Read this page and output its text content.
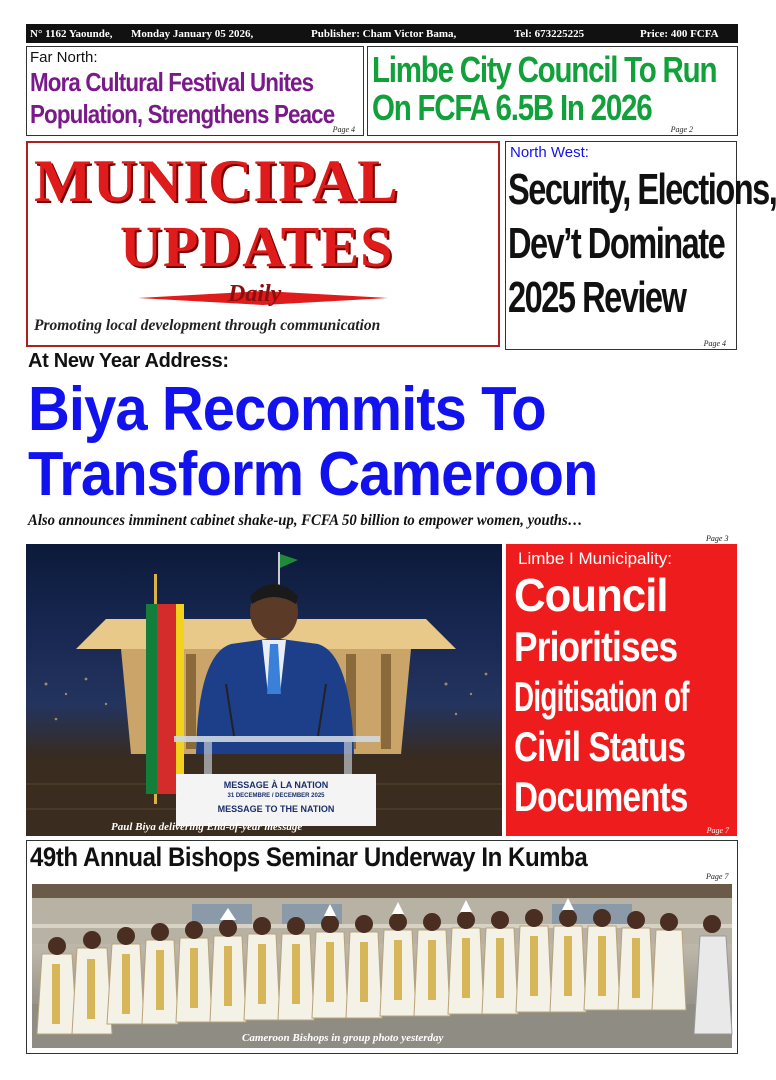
N° 1162 Yaounde, Monday January 05 2026,	Publisher: Cham Victor Bama,	Tel: 673225225	Price: 400 FCFA
Far North:
Mora Cultural Festival Unites
Population, Strengthens Peace
Page 4
Limbe City Council To Run
On FCFA 6.5B In 2026
Page 2
MUNICIPAL
UPDATES
Daily
Promoting local development through communication
North West:
Security, Elections,
Dev’t Dominate
2025 Review
Page 4
At New Year Address:
Biya Recommits To
Transform Cameroon
Also announces imminent cabinet shake-up, FCFA 50 billion to empower women, youths…
Page 3
MESSAGE À LA NATION
31 DECEMBRE / DECEMBER 2025
MESSAGE TO THE NATION
Paul Biya delivering End-of-year message
Limbe I Municipality:
Council
Prioritises
Digitisation of
Civil Status
Documents
Page 7
49th Annual Bishops Seminar Underway In Kumba
Page 7
Cameroon Bishops in group photo yesterday
